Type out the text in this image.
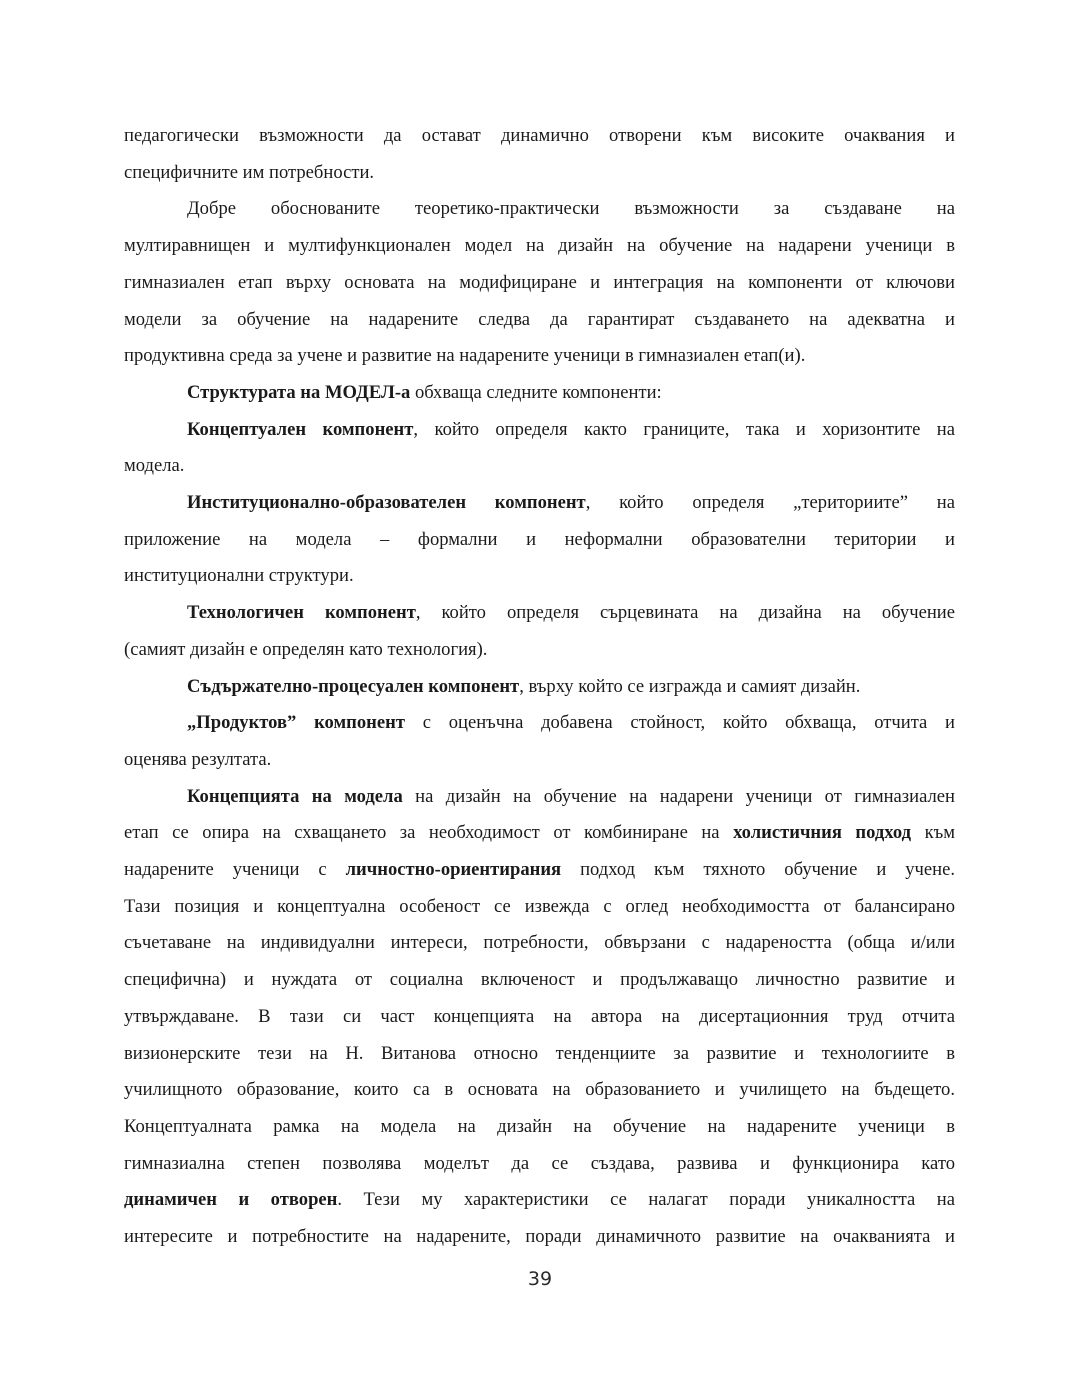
педагогически възможности да остават динамично отворени към високите очаквания и
специфичните им потребности.

Добре обоснованите теоретико-практически възможности за създаване на
мултиравнищен и мултифункционален модел на дизайн на обучение на надарени ученици в
гимназиален етап върху основата на модифициране и интеграция на компоненти от ключови
модели за обучение на надарените следва да гарантират създаването на адекватна и
продуктивна среда за учене и развитие на надарените ученици в гимназиален етап(и).

Структурата на МОДЕЛ-а обхваща следните компоненти:

Концептуален компонент, който определя както границите, така и хоризонтите на
модела.

Институционално-образователен компонент, който определя „териториите” на
приложение на модела – формални и неформални образователни територии и
институционални структури.

Технологичен компонент, който определя сърцевината на дизайна на обучение
(самият дизайн е определян като технология).

Съдържателно-процесуален компонент, върху който се изгражда и самият дизайн.

„Продуктов” компонент с оценъчна добавена стойност, който обхваща, отчита и
оценява резултата.

Концепцията на модела на дизайн на обучение на надарени ученици от гимназиален
етап се опира на схващането за необходимост от комбиниране на холистичния подход към
надарените ученици с личностно-ориентирания подход към тяхното обучение и учене.
Тази позиция и концептуална особеност се извежда с оглед необходимостта от балансирано
съчетаване на индивидуални интереси, потребности, обвързани с надареността (обща и/или
специфична) и нуждата от социална включеност и продължаващо личностно развитие и
утвърждаване. В тази си част концепцията на автора на дисертационния труд отчита
визионерските тези на Н. Витанова относно тенденциите за развитие и технологиите в
училищното образование, които са в основата на образованието и училището на бъдещето.
Концептуалната рамка на модела на дизайн на обучение на надарените ученици в
гимназиална степен позволява моделът да се създава, развива и функционира като
динамичен и отворен. Тези му характеристики се налагат поради уникалността на
интересите и потребностите на надарените, поради динамичното развитие на очакванията и

39
